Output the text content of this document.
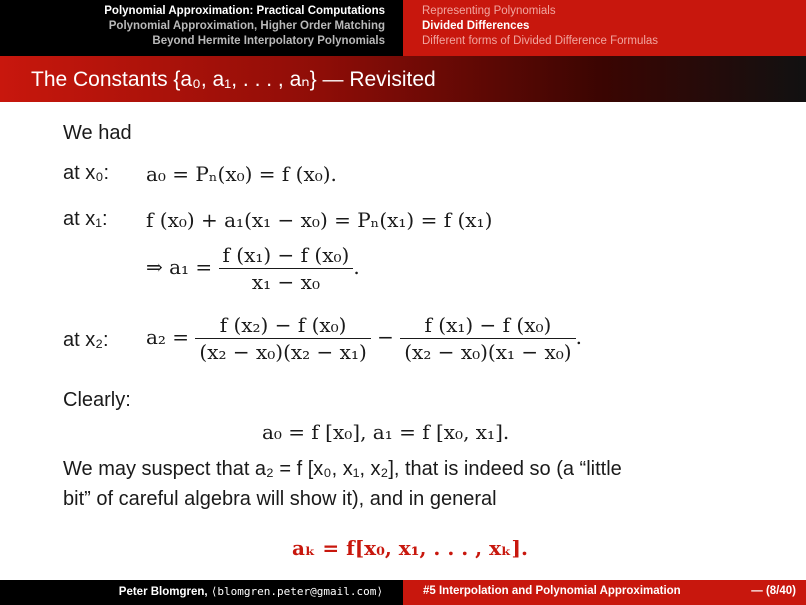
Polynomial Approximation: Practical Computations
Polynomial Approximation, Higher Order Matching
Beyond Hermite Interpolatory Polynomials
Representing Polynomials
Divided Differences
Different forms of Divided Difference Formulas
The Constants {a₀, a₁, . . . , aₙ} — Revisited
We had
at x₀: a₀ = Pₙ(x₀) = f (x₀).
at x₁: f (x₀) + a₁(x₁ − x₀) = Pₙ(x₁) = f (x₁)
⇒ $a_1 = \frac{\text{f (x₁) − f (x₀)}}{\text{x₁ − x₀}}$ .
at x₂: $a_2 = \frac{\text{f (x₂) − f (x₀)}}{\text{(x₂ − x₀)(x₂ − x₁)}} - \frac{\text{f (x₁) − f (x₀)}}{\text{(x₂ − x₀)(x₁ − x₀)}}$ .
Clearly:
a₀ = f [x₀], a₁ = f [x₀, x₁].
We may suspect that a₂ = f [x₀, x₁, x₂], that is indeed so (a “little
bit” of careful algebra will show it), and in general
aₖ = f[x₀, x₁, . . . , xₖ].
Peter Blomgren, ⟨blomgren.peter@gmail.com⟩	#5 Interpolation and Polynomial Approximation	— (8/40)
